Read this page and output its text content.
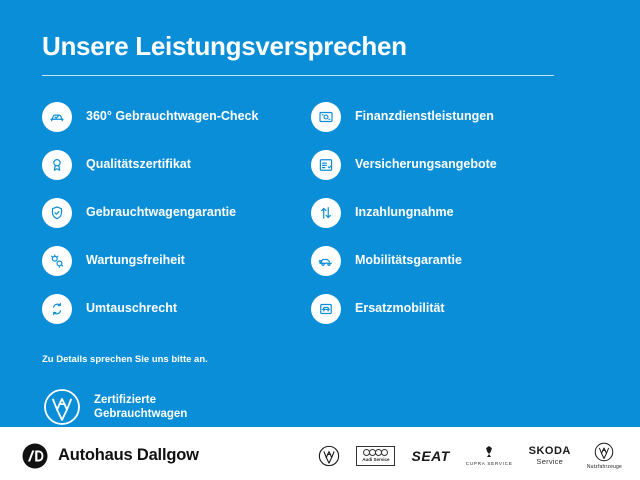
Unsere Leistungsversprechen
360° Gebrauchtwagen-Check	Finanzdienstleistungen
Qualitätszertifikat	Versicherungsangebote
Gebrauchtwagengarantie	Inzahlungnahme
Wartungsfreiheit	Mobilitätsgarantie
Umtauschrecht	Ersatzmobilität
Zu Details sprechen Sie uns bitte an.
Zertifizierte
Gebrauchtwagen
Autohaus Dallgow	Audi Service SEAT	CUPRA SERVICE
SKODA
Service
Nutzfahrzeuge
